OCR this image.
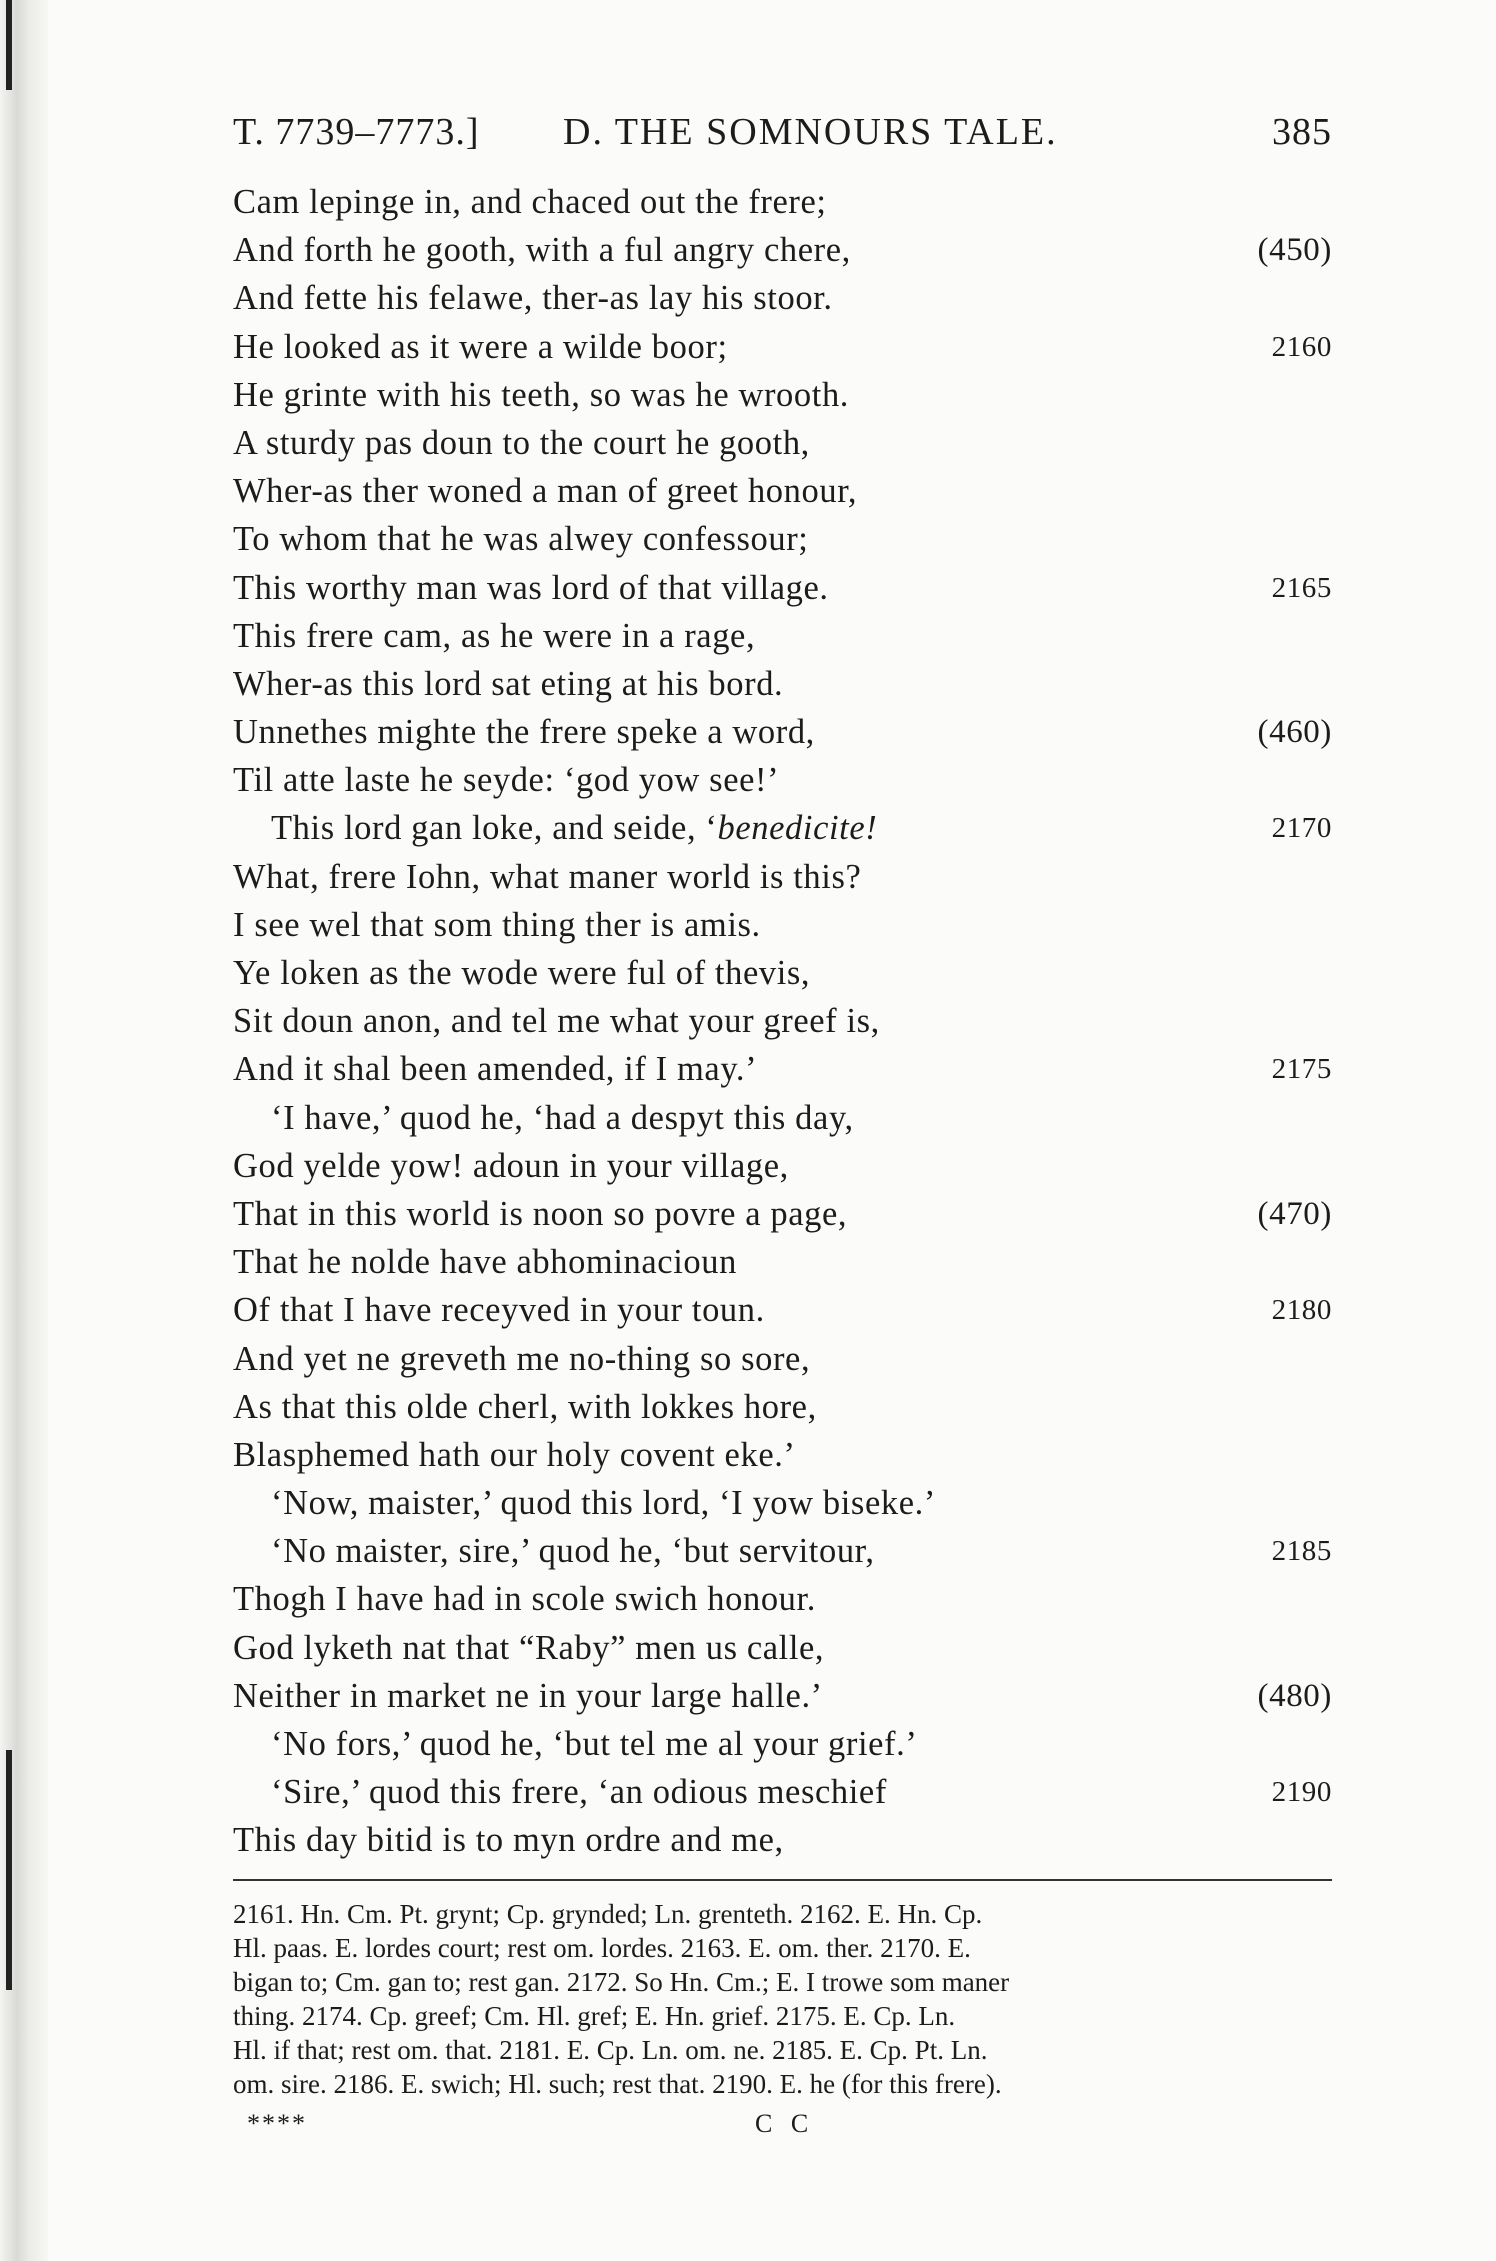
T. 7739–7773.] D. THE SOMNOURS TALE.	385
Cam lepinge in, and chaced out the frere;
And forth he gooth, with a ful angry chere,	(450)
And fette his felawe, ther-as lay his stoor.
He looked as it were a wilde boor;	2160
He grinte with his teeth, so was he wrooth.
A sturdy pas doun to the court he gooth,
Wher-as ther woned a man of greet honour,
To whom that he was alwey confessour;
This worthy man was lord of that village.	2165
This frere cam, as he were in a rage,
Wher-as this lord sat eting at his bord.
Unnethes mighte the frere speke a word,	(460)
Til atte laste he seyde: ‘god yow see!’
This lord gan loke, and seide, ‘benedicite!	2170
What, frere Iohn, what maner world is this?
I see wel that som thing ther is amis.
Ye loken as the wode were ful of thevis,
Sit doun anon, and tel me what your greef is,
And it shal been amended, if I may.’	2175
‘I have,’ quod he, ‘had a despyt this day,
God yelde yow! adoun in your village,
That in this world is noon so povre a page,	(470)
That he nolde have abhominacioun
Of that I have receyved in your toun.	2180
And yet ne greveth me no-thing so sore,
As that this olde cherl, with lokkes hore,
Blasphemed hath our holy covent eke.’
‘Now, maister,’ quod this lord, ‘I yow biseke.’
‘No maister, sire,’ quod he, ‘but servitour,	2185
Thogh I have had in scole swich honour.
God lyketh nat that “Raby” men us calle,
Neither in market ne in your large halle.’	(480)
‘No fors,’ quod he, ‘but tel me al your grief.’
‘Sire,’ quod this frere, ‘an odious meschief	2190
This day bitid is to myn ordre and me,
2161. Hn. Cm. Pt. grynt; Cp. grynded; Ln. grenteth. 2162. E. Hn. Cp.
Hl. paas. E. lordes court; rest om. lordes. 2163. E. om. ther. 2170. E.
bigan to; Cm. gan to; rest gan. 2172. So Hn. Cm.; E. I trowe som maner
thing. 2174. Cp. greef; Cm. Hl. gref; E. Hn. grief. 2175. E. Cp. Ln.
Hl. if that; rest om. that. 2181. E. Cp. Ln. om. ne. 2185. E. Cp. Pt. Ln.
om. sire. 2186. E. swich; Hl. such; rest that. 2190. E. he (for this frere).
****	C C
